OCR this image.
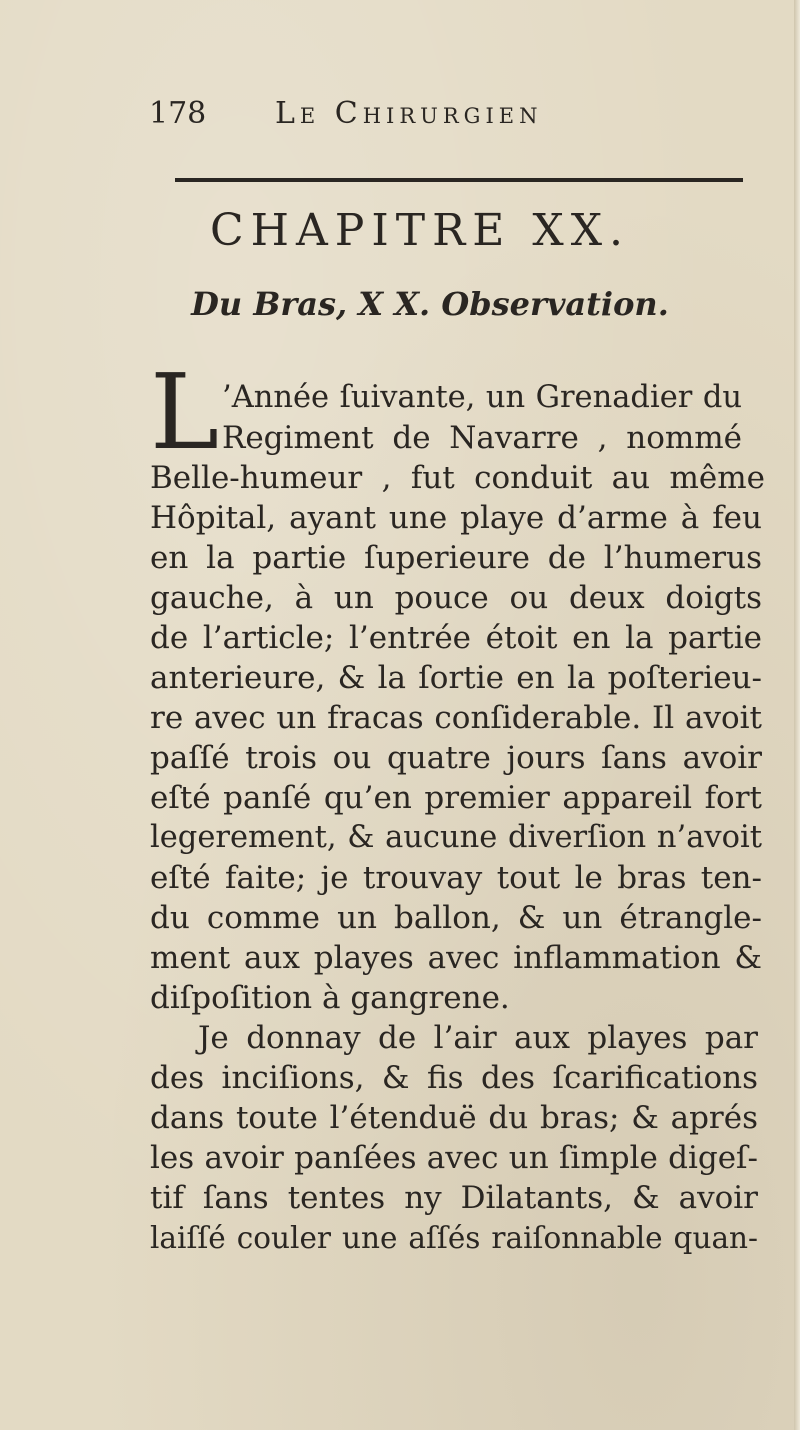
178 Le Chirurgien
CHAPITRE XX.
Du Bras, X X. Observation.
L ’Année ſuivante, un Grenadier du
Regiment de Navarre , nommé
Belle-humeur , fut conduit au même
Hôpital, ayant une playe d’arme à feu
en la partie ſuperieure de l’humerus
gauche, à un pouce ou deux doigts
de l’article; l’entrée étoit en la partie
anterieure, & la ſortie en la poſterieu-
re avec un fracas conſiderable. Il avoit
paſſé trois ou quatre jours ſans avoir
eſté panſé qu’en premier appareil fort
legerement, & aucune diverſion n’avoit
eſté faite; je trouvay tout le bras ten-
du comme un ballon, & un étrangle-
ment aux playes avec inflammation &
diſpoſition à gangrene.
Je donnay de l’air aux playes par
des inciſions, & fis des ſcarifications
dans toute l’étenduë du bras; & aprés
les avoir panſées avec un ſimple digeſ-
tif ſans tentes ny Dilatants, & avoir
laiſſé couler une aſſés raiſonnable quan-
